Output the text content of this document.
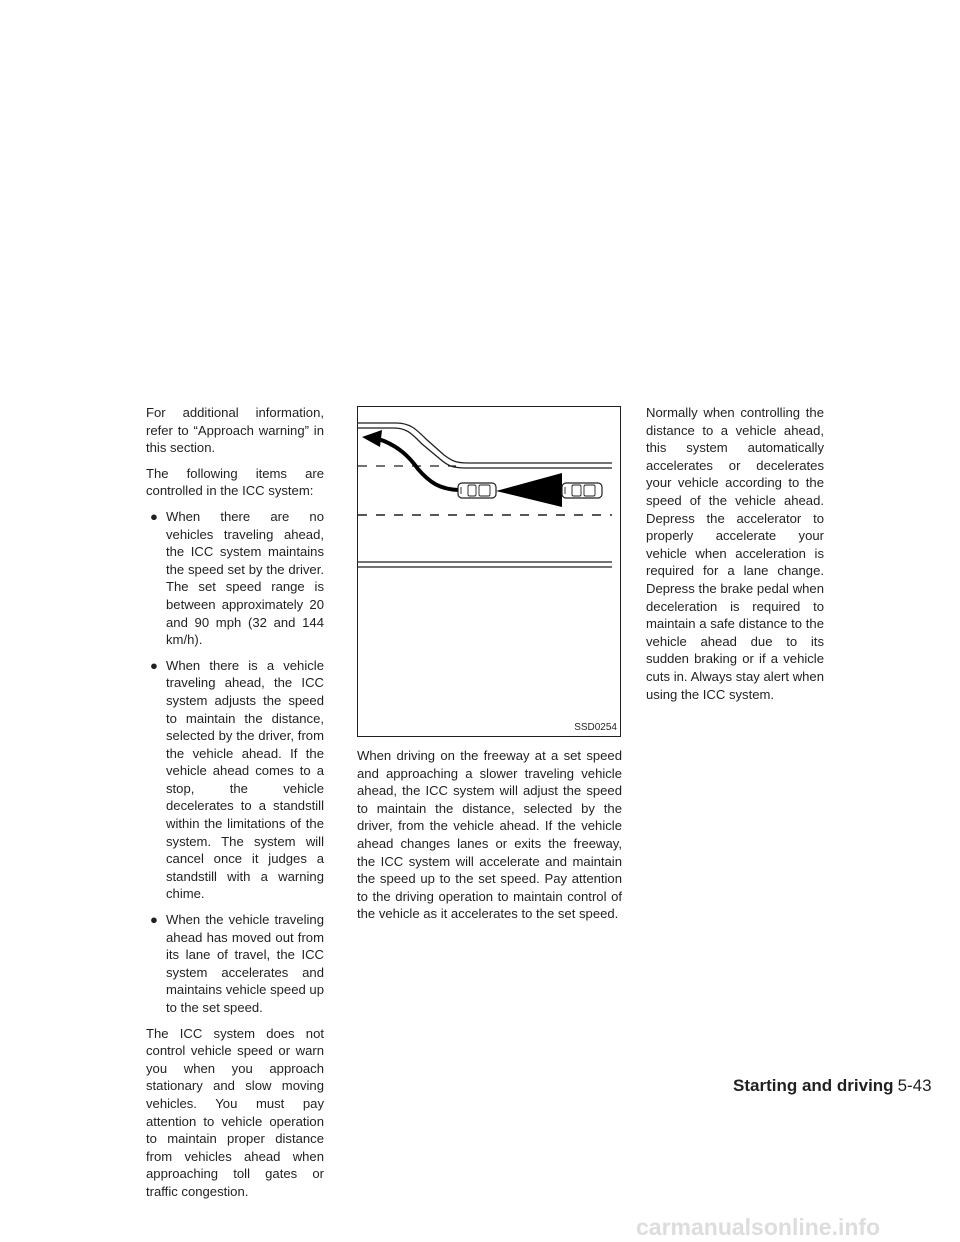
For additional information, refer to “Approach warning” in this section.

The following items are controlled in the ICC system:

● When there are no vehicles traveling ahead, the ICC system maintains the speed set by the driver. The set speed range is between approximately 20 and 90 mph (32 and 144 km/h).
● When there is a vehicle traveling ahead, the ICC system adjusts the speed to maintain the distance, selected by the driver, from the vehicle ahead. If the vehicle ahead comes to a stop, the vehicle decelerates to a standstill within the limitations of the system. The system will cancel once it judges a standstill with a warning chime.
● When the vehicle traveling ahead has moved out from its lane of travel, the ICC system accelerates and maintains vehicle speed up to the set speed.

The ICC system does not control vehicle speed or warn you when you approach stationary and slow moving vehicles. You must pay attention to vehicle operation to maintain proper distance from vehicles ahead when approaching toll gates or traffic congestion.

SSD0254

When driving on the freeway at a set speed and approaching a slower traveling vehicle ahead, the ICC system will adjust the speed to maintain the distance, selected by the driver, from the vehicle ahead. If the vehicle ahead changes lanes or exits the freeway, the ICC system will accelerate and maintain the speed up to the set speed. Pay attention to the driving operation to maintain control of the vehicle as it accelerates to the set speed.

Normally when controlling the distance to a vehicle ahead, this system automatically accelerates or decelerates your vehicle according to the speed of the vehicle ahead. Depress the accelerator to properly accelerate your vehicle when acceleration is required for a lane change. Depress the brake pedal when deceleration is required to maintain a safe distance to the vehicle ahead due to its sudden braking or if a vehicle cuts in. Always stay alert when using the ICC system.

Starting and driving 5-43
carmanualsonline.info
